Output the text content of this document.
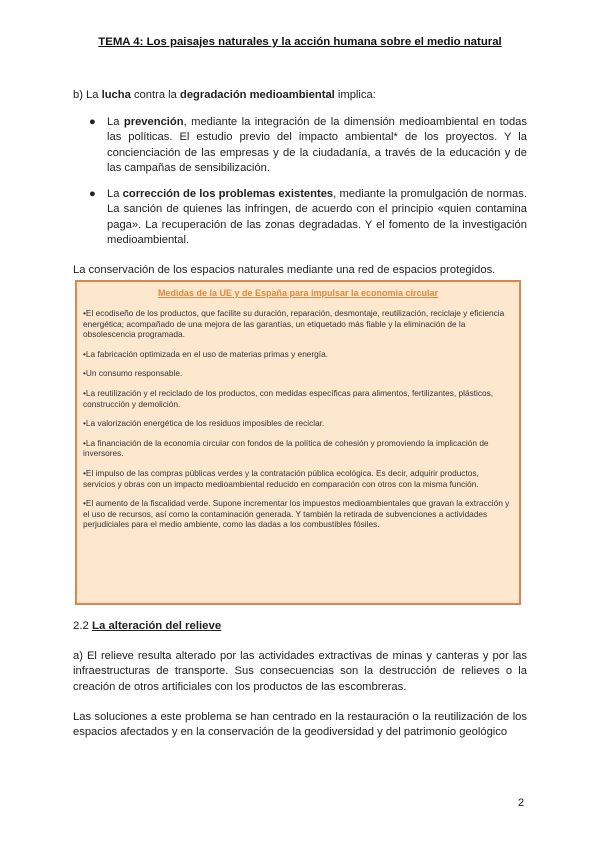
TEMA 4: Los paisajes naturales y la acción humana sobre el medio natural
b) La lucha contra la degradación medioambiental implica:
● La prevención, mediante la integración de la dimensión medioambiental en todas las políticas. El estudio previo del impacto ambiental* de los proyectos. Y la concienciación de las empresas y de la ciudadanía, a través de la educación y de las campañas de sensibilización.
● La corrección de los problemas existentes, mediante la promulgación de normas. La sanción de quienes las infringen, de acuerdo con el principio «quien contamina paga». La recuperación de las zonas degradadas. Y el fomento de la investigación medioambiental.
La conservación de los espacios naturales mediante una red de espacios protegidos.
Medidas de la UE y de España para impulsar la economía circular
•El ecodiseño de los productos, que facilite su duración, reparación, desmontaje, reutilización, reciclaje y eficiencia energética; acompañado de una mejora de las garantías, un etiquetado más fiable y la eliminación de la obsolescencia programada.
•La fabricación optimizada en el uso de materias primas y energía.
•Un consumo responsable.
•La reutilización y el reciclado de los productos, con medidas específicas para alimentos, fertilizantes, plásticos, construcción y demolición.
•La valorización energética de los residuos imposibles de reciclar.
•La financiación de la economía circular con fondos de la política de cohesión y promoviendo la implicación de inversores.
•El impulso de las compras públicas verdes y la contratación pública ecológica. Es decir, adquirir productos, servicios y obras con un impacto medioambiental reducido en comparación con otros con la misma función.
•El aumento de la fiscalidad verde. Supone incrementar los impuestos medioambientales que gravan la extracción y el uso de recursos, así como la contaminación generada. Y también la retirada de subvenciones a actividades perjudiciales para el medio ambiente, como las dadas a los combustibles fósiles.
2.2 La alteración del relieve
a) El relieve resulta alterado por las actividades extractivas de minas y canteras y por las infraestructuras de transporte. Sus consecuencias son la destrucción de relieves o la creación de otros artificiales con los productos de las escombreras.
Las soluciones a este problema se han centrado en la restauración o la reutilización de los espacios afectados y en la conservación de la geodiversidad y del patrimonio geológico
2
